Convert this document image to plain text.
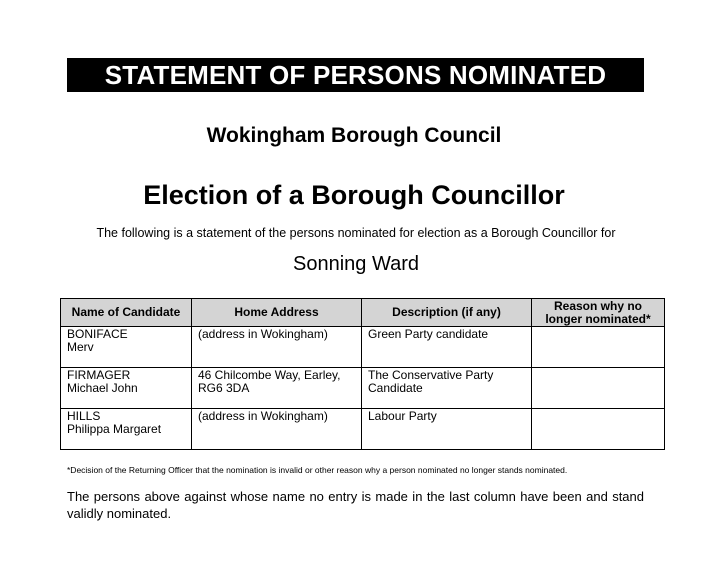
STATEMENT OF PERSONS NOMINATED
Wokingham Borough Council
Election of a Borough Councillor
The following is a statement of the persons nominated for election as a Borough Councillor for
Sonning Ward
Name of Candidate	Home Address	Description (if any)	Reason why no longer nominated*

BONIFACE
Merv	(address in Wokingham)	Green Party candidate	

FIRMAGER
Michael John	46 Chilcombe Way, Earley, RG6 3DA	The Conservative Party Candidate	

HILLS
Philippa Margaret	(address in Wokingham)	Labour Party	
*Decision of the Returning Officer that the nomination is invalid or other reason why a person nominated no longer stands nominated.
The persons above against whose name no entry is made in the last column have been and stand validly nominated.
